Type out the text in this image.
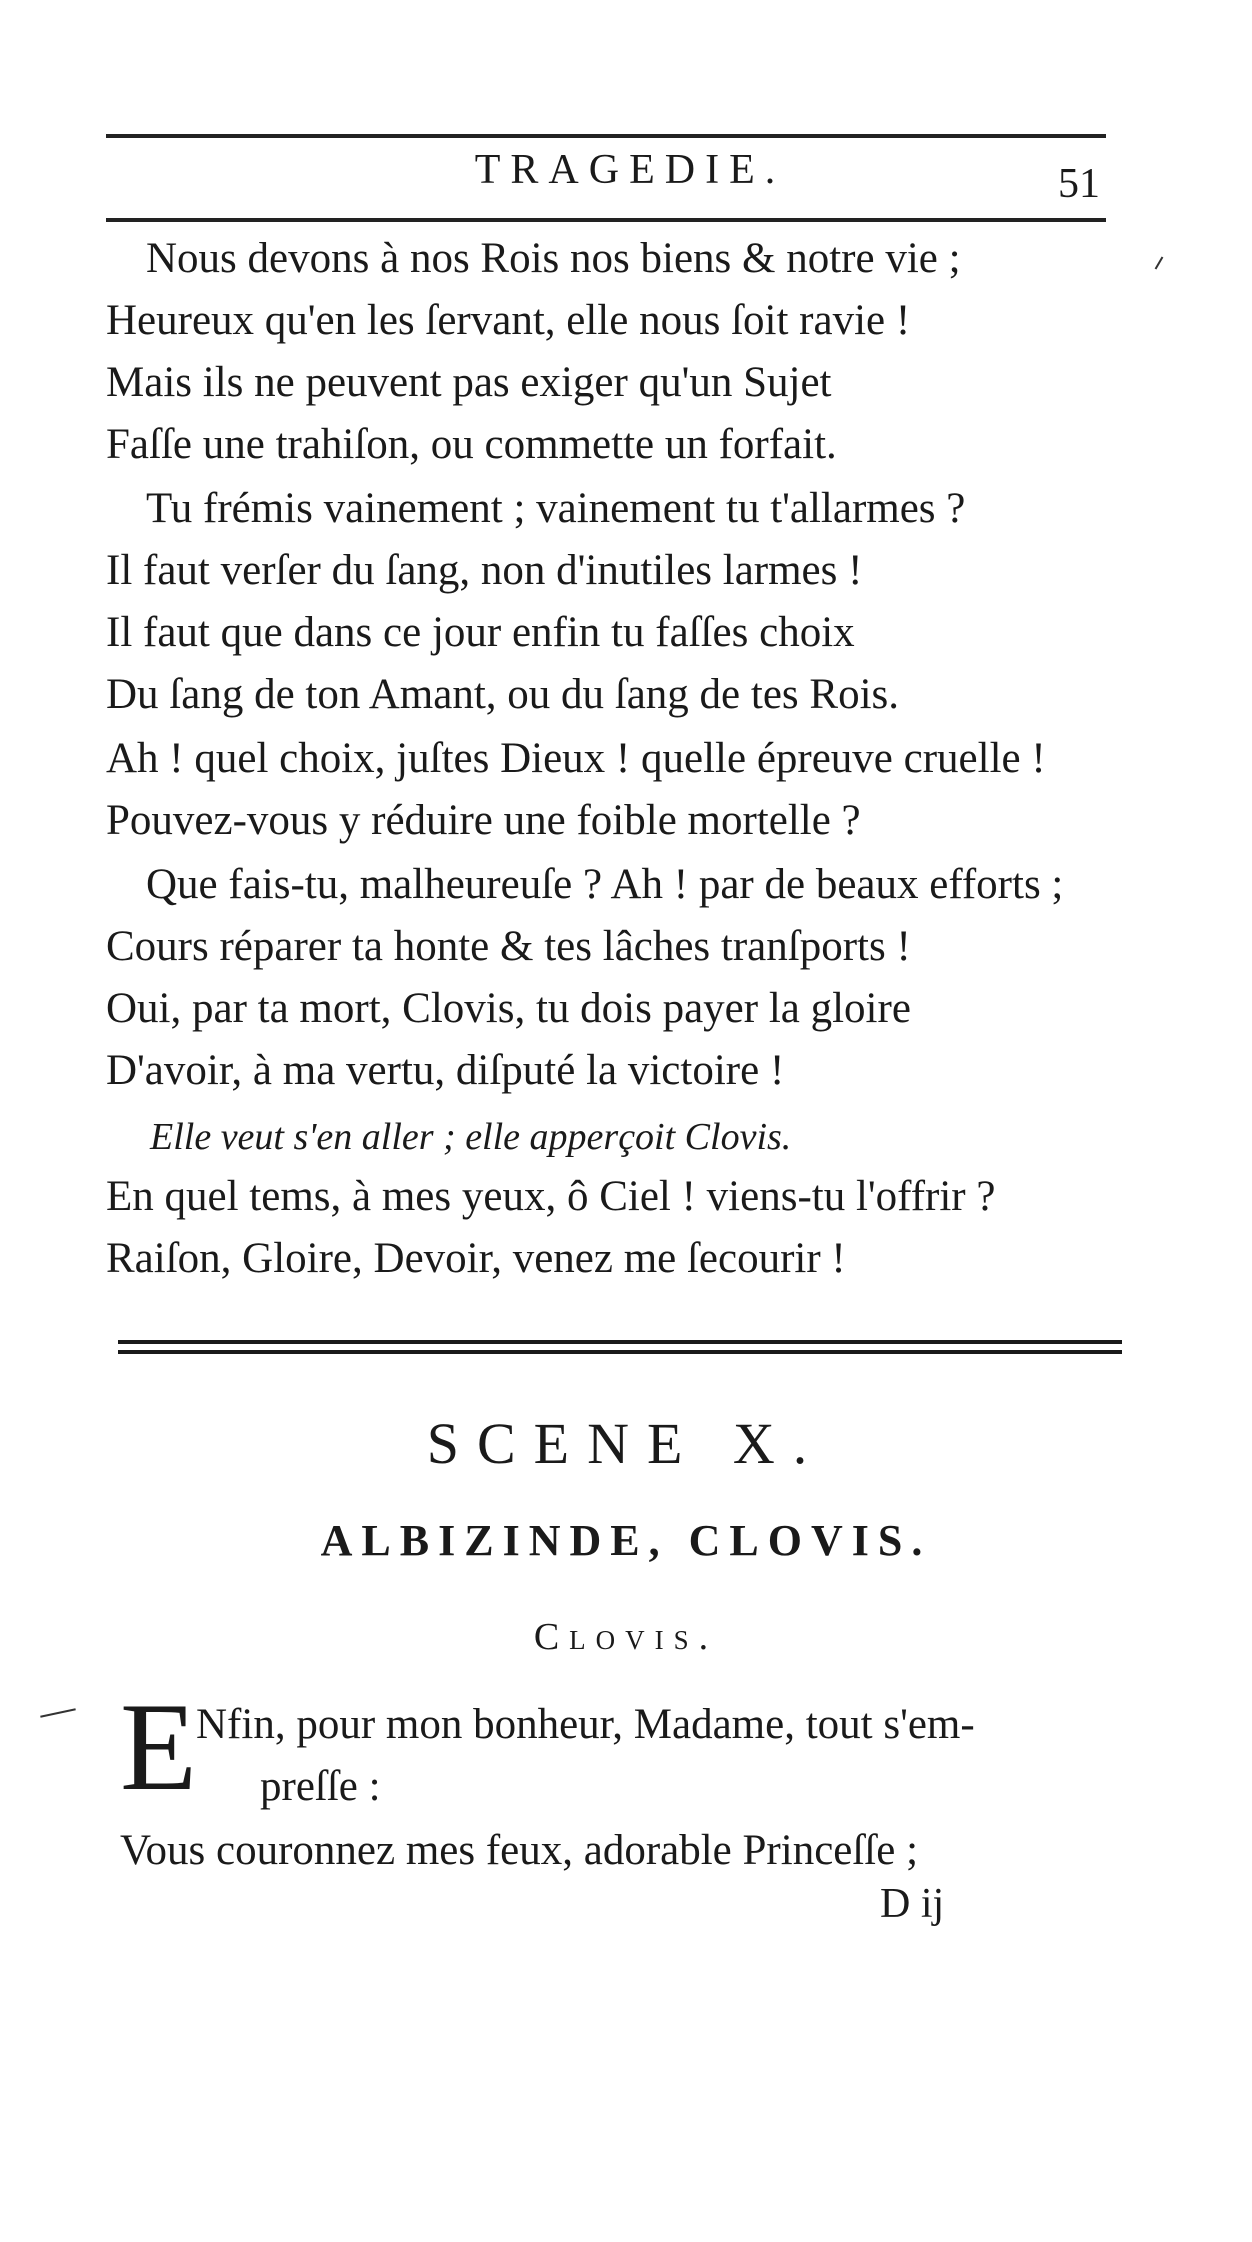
TRAGEDIE.	51
Nous devons à nos Rois nos biens & notre vie ;
Heureux qu'en les ſervant, elle nous ſoit ravie !
Mais ils ne peuvent pas exiger qu'un Sujet
Faſſe une trahiſon, ou commette un forfait.
Tu frémis vainement ; vainement tu t'allarmes ?
Il faut verſer du ſang, non d'inutiles larmes !
Il faut que dans ce jour enfin tu faſſes choix
Du ſang de ton Amant, ou du ſang de tes Rois.
Ah ! quel choix, juſtes Dieux ! quelle épreuve cruelle !
Pouvez-vous y réduire une foible mortelle ?
Que fais-tu, malheureuſe ? Ah ! par de beaux efforts ;
Cours réparer ta honte & tes lâches tranſports !
Oui, par ta mort, Clovis, tu dois payer la gloire
D'avoir, à ma vertu, diſputé la victoire !
Elle veut s'en aller ; elle apperçoit Clovis.
En quel tems, à mes yeux, ô Ciel ! viens-tu l'offrir ?
Raiſon, Gloire, Devoir, venez me ſecourir !
SCENE X.
ALBIZINDE, CLOVIS.
Clovis.
E Nfin, pour mon bonheur, Madame, tout s'em-
preſſe :
Vous couronnez mes feux, adorable Princeſſe ;
D ij
